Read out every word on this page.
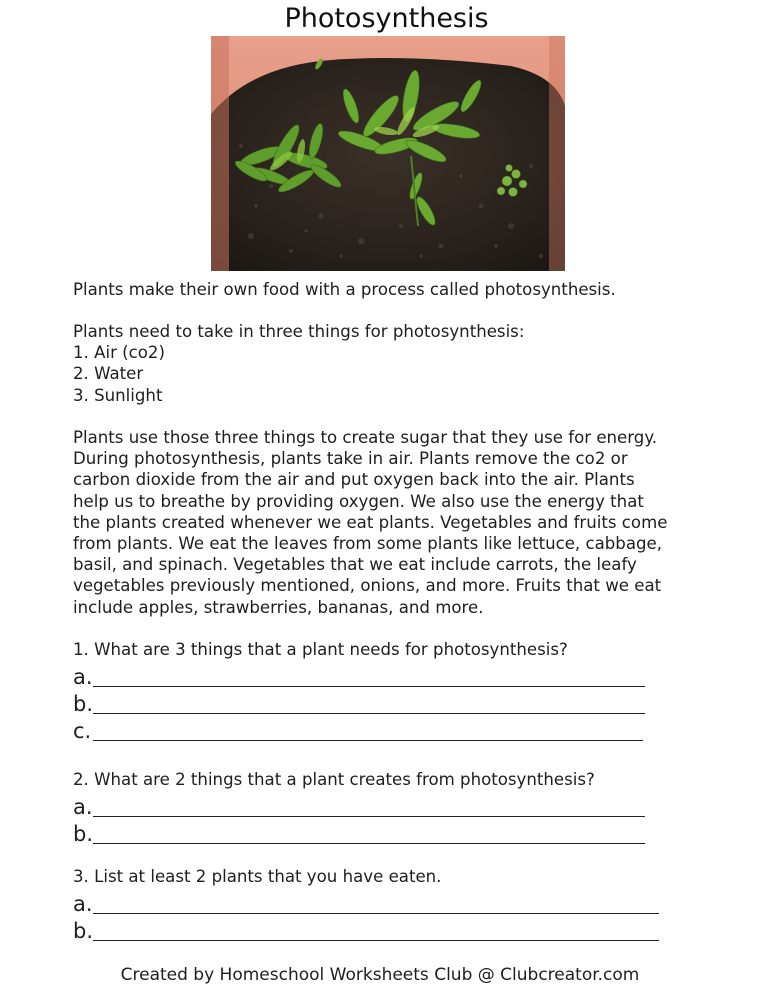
Photosynthesis
Plants make their own food with a process called photosynthesis.
Plants need to take in three things for photosynthesis:
1. Air (co2)
2. Water
3. Sunlight
Plants use those three things to create sugar that they use for energy.
During photosynthesis, plants take in air. Plants remove the co2 or
carbon dioxide from the air and put oxygen back into the air. Plants
help us to breathe by providing oxygen. We also use the energy that
the plants created whenever we eat plants. Vegetables and fruits come
from plants. We eat the leaves from some plants like lettuce, cabbage,
basil, and spinach. Vegetables that we eat include carrots, the leafy
vegetables previously mentioned, onions, and more. Fruits that we eat
include apples, strawberries, bananas, and more.
1. What are 3 things that a plant needs for photosynthesis?
a.
b.
c.
2. What are 2 things that a plant creates from photosynthesis?
a.
b.
3. List at least 2 plants that you have eaten.
a.
b.
Created by Homeschool Worksheets Club @ Clubcreator.com
